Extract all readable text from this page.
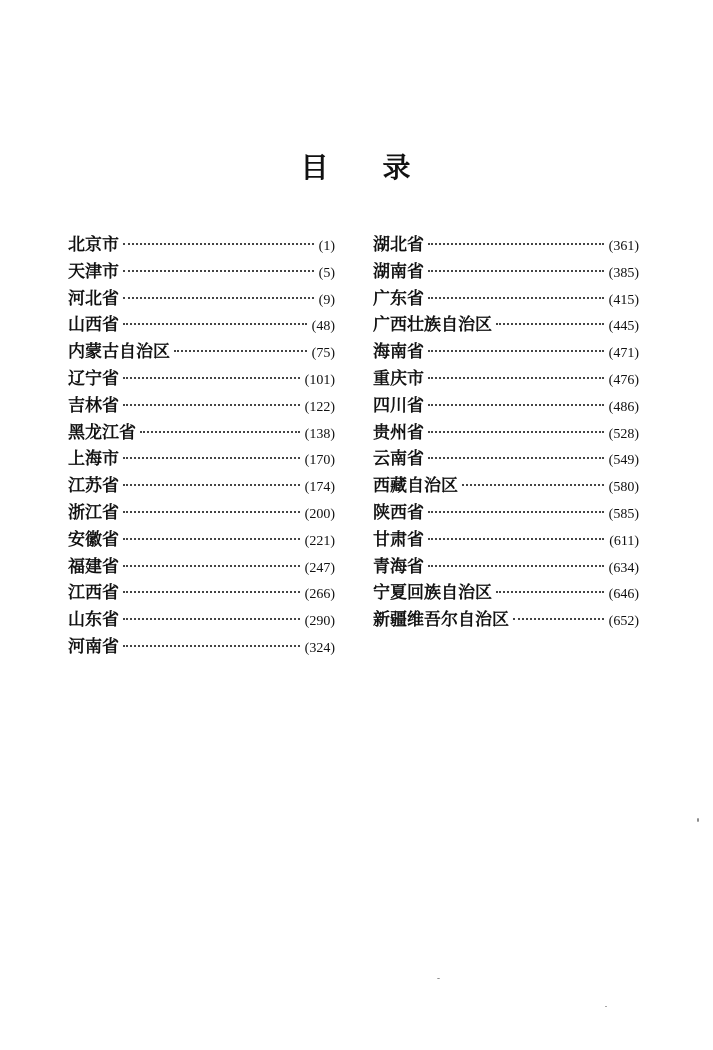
目 录
北京市	(1)
天津市	(5)
河北省	(9)
山西省	(48)
内蒙古自治区	(75)
辽宁省	(101)
吉林省	(122)
黑龙江省	(138)
上海市	(170)
江苏省	(174)
浙江省	(200)
安徽省	(221)
福建省	(247)
江西省	(266)
山东省	(290)
河南省	(324)
湖北省	(361)
湖南省	(385)
广东省	(415)
广西壮族自治区	(445)
海南省	(471)
重庆市	(476)
四川省	(486)
贵州省	(528)
云南省	(549)
西藏自治区	(580)
陕西省	(585)
甘肃省	(611)
青海省	(634)
宁夏回族自治区	(646)
新疆维吾尔自治区	(652)
